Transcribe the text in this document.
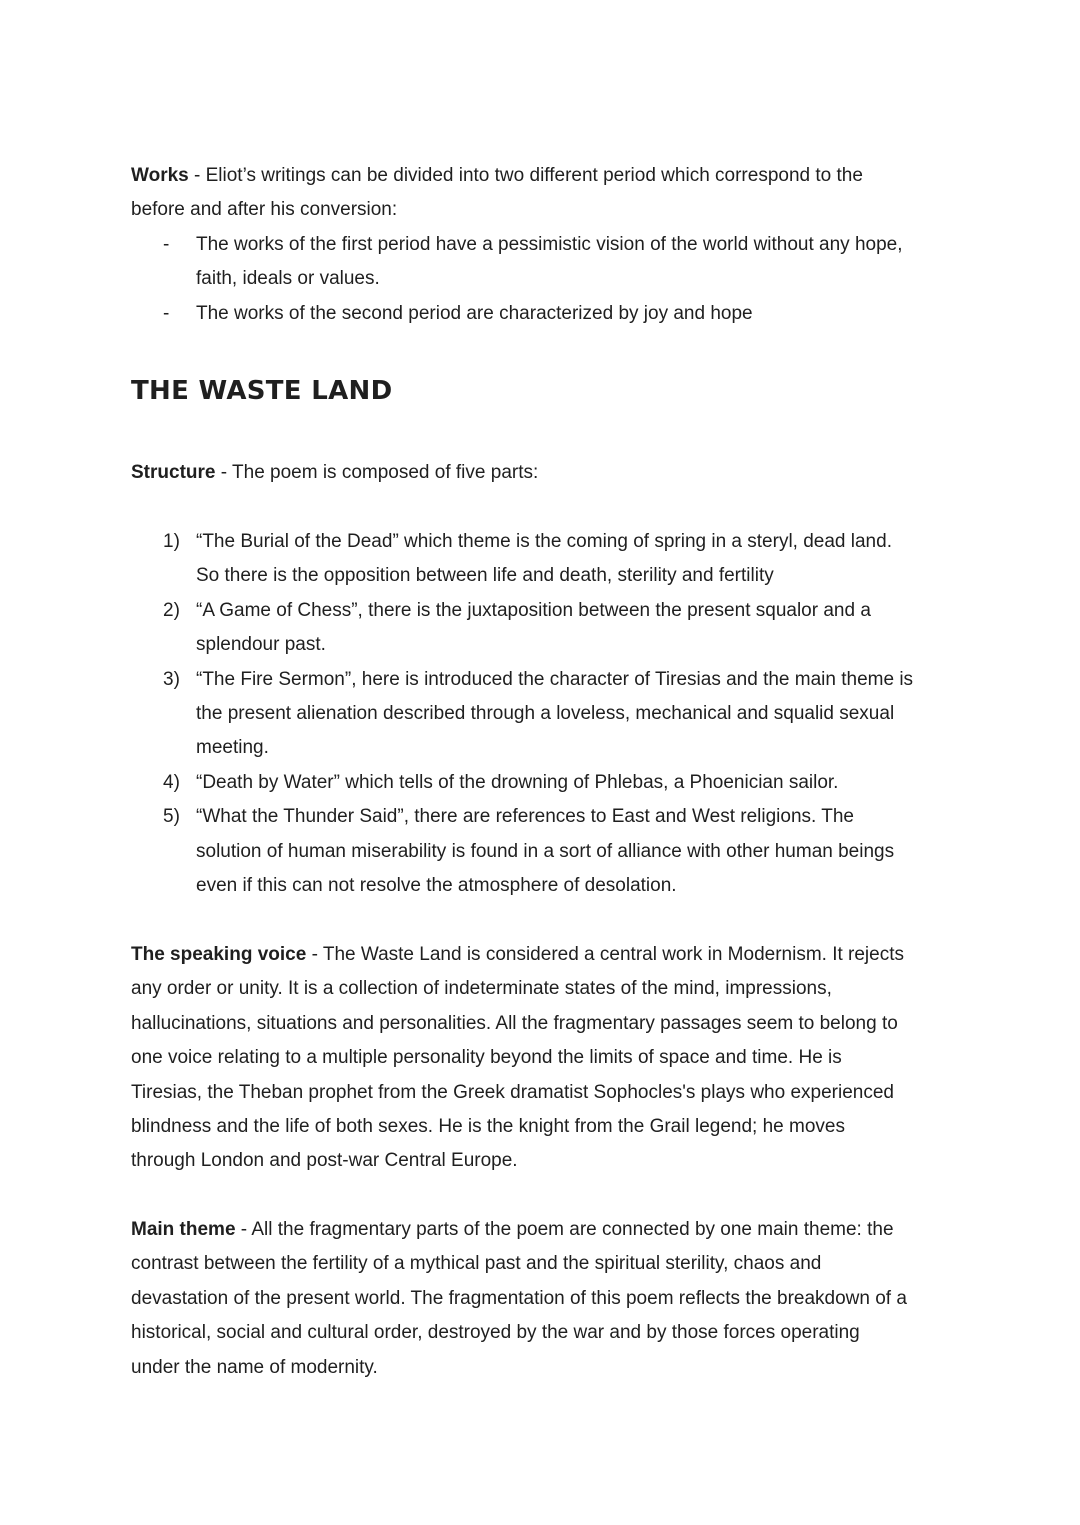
Works - Eliot’s writings can be divided into two different period which correspond to the
before and after his conversion:
- The works of the first period have a pessimistic vision of the world without any hope,
faith, ideals or values.
- The works of the second period are characterized by joy and hope
THE WASTE LAND
Structure - The poem is composed of five parts:
1) “The Burial of the Dead” which theme is the coming of spring in a steryl, dead land.
So there is the opposition between life and death, sterility and fertility
2) “A Game of Chess”, there is the juxtaposition between the present squalor and a
splendour past.
3) “The Fire Sermon”, here is introduced the character of Tiresias and the main theme is
the present alienation described through a loveless, mechanical and squalid sexual
meeting.
4) “Death by Water” which tells of the drowning of Phlebas, a Phoenician sailor.
5) “What the Thunder Said”, there are references to East and West religions. The
solution of human miserability is found in a sort of alliance with other human beings
even if this can not resolve the atmosphere of desolation.
The speaking voice - The Waste Land is considered a central work in Modernism. It rejects
any order or unity. It is a collection of indeterminate states of the mind, impressions,
hallucinations, situations and personalities. All the fragmentary passages seem to belong to
one voice relating to a multiple personality beyond the limits of space and time. He is
Tiresias, the Theban prophet from the Greek dramatist Sophocles's plays who experienced
blindness and the life of both sexes. He is the knight from the Grail legend; he moves
through London and post-war Central Europe.
Main theme - All the fragmentary parts of the poem are connected by one main theme: the
contrast between the fertility of a mythical past and the spiritual sterility, chaos and
devastation of the present world. The fragmentation of this poem reflects the breakdown of a
historical, social and cultural order, destroyed by the war and by those forces operating
under the name of modernity.
